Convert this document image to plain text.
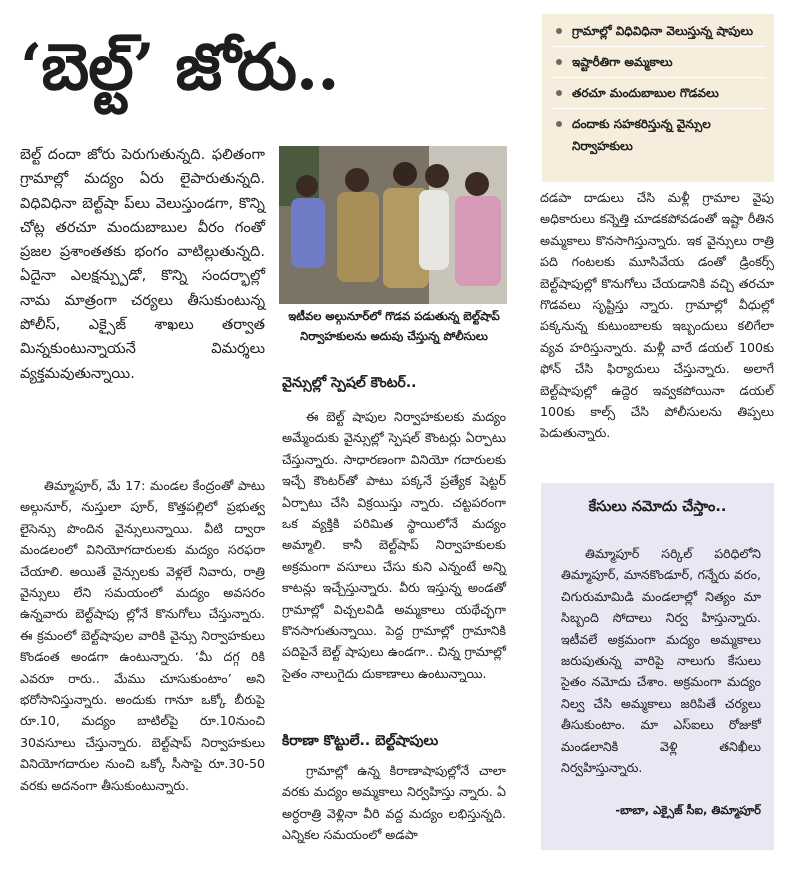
‘బెల్ట్’ జోరు..	గ్రామాల్లో విధివిధినా వెలుస్తున్న షాపులు
ఇష్టారీతిగా అమ్మకాలు
తరచూ మందుబాబుల గొడవలు
దందాకు సహకరిస్తున్న వైన్సుల నిర్వాహకులు
బెల్ట్ దందా జోరు పెరుగుతున్నది. ఫలితంగా గ్రామాల్లో మద్యం ఏరు లైపారుతున్నది. విధివిధినా బెల్ట్‌షా ప్‌లు వెలుస్తుండగా, కొన్ని చోట్ల తరచూ మందుబాబుల వీరం గంతో ప్రజల ప్రశాంతతకు భంగం వాటిల్లుతున్నది. ఏదైనా ఎలక్షన్ప్పుడో, కొన్ని సందర్భాల్లో నామ మాత్రంగా చర్యలు తీసుకుంటున్న పోలీస్, ఎక్సైజ్ శాఖలు తర్వాత మిన్నకుంటున్నాయనే విమర్శలు వ్యక్తమవుతున్నాయి.
తిమ్మాపూర్, మే 17: మండల కేంద్రంతో పాటు అల్గునూర్, నుస్తులా పూర్, కొత్తపల్లిలో ప్రభుత్వ లైసెన్సు పొందిన వైన్సులున్నాయి. వీటి ద్వారా మండలంలో వినియోగదారులకు మద్యం సరఫరా చేయాలి. అయితే వైన్సులకు వెళ్లలే నివారు, రాత్రి వైన్సులు లేని సమయంలో మద్యం అవసరం ఉన్నవారు బెల్ట్‌షాపు ల్లోనే కొనుగోలు చేస్తున్నారు. ఈ క్రమంలో బెల్ట్‌షాపుల వారికి వైన్సు నిర్వాహకులు కొండంత అండగా ఉంటున్నారు. ‘మీ దగ్గ రికి ఎవరూ రారు.. మేము చూసుకుంటాం’ అని భరోసానిస్తున్నారు. అందుకు గానూ ఒక్కో బీరుపై రూ.10, మద్యం బాటిల్‌పై రూ.10నుంచి 30వసూలు చేస్తున్నారు. బెల్ట్‌షాప్ నిర్వాహకులు వినియోగదారుల నుంచి ఒక్కో సీసాపై రూ.30-50 వరకు అదనంగా తీసుకుంటున్నారు.
ఇటీవల అల్గునూర్‌లో గొడవ పడుతున్న బెల్ట్‌షాప్ నిర్వాహకులను అదుపు చేస్తున్న పోలీసులు
వైన్సుల్లో స్పెషల్ కౌంటర్..

ఈ బెల్ట్ షాపుల నిర్వాహకులకు మద్యం అమ్మేందుకు వైన్సుల్లో స్పెషల్ కౌంటర్లు ఏర్పాటు చేస్తున్నారు. సాధారణంగా వినియో గదారులకు ఇచ్చే కౌంటర్‌తో పాటు పక్కనే ప్రత్యేక షెట్టర్ ఏర్పాటు చేసి విక్రయిస్తు న్నారు. చట్టపరంగా ఒక వ్యక్తికి పరిమిత స్థాయిలోనే మద్యం అమ్మాలి. కానీ బెల్ట్‌షాప్ నిర్వాహకులకు అక్రమంగా వసూలు చేసు కుని ఎన్నంటే అన్ని కాటన్లు ఇచ్చేస్తున్నారు. వీరు ఇస్తున్న అండతో గ్రామాల్లో విచ్చలవిడి అమ్మకాలు యథేచ్ఛగా కొనసాగుతున్నాయి. పెద్ద గ్రామాల్లో గ్రామానికి పదిపైనే బెల్ట్ షాపులు ఉండగా.. చిన్న గ్రామాల్లో సైతం నాలుగైదు దుకాణాలు ఉంటున్నాయి.

కిరాణా కొట్టులే.. బెల్ట్‌షాపులు

గ్రామాల్లో ఉన్న కిరాణాషాపుల్లోనే చాలా వరకు మద్యం అమ్మకాలు నిర్వహిస్తు న్నారు. ఏ అర్ధరాత్రి వెళ్లినా వీరి వద్ద మద్యం లభిస్తున్నది. ఎన్నికల సమయంలో అడపా

దడపా దాడులు చేసి మళ్లీ గ్రామాల వైపు అధికారులు కన్నెత్తి చూడకపోవడంతో ఇష్టా రీతిన అమ్మకాలు కొనసాగిస్తున్నారు. ఇక వైన్సులు రాత్రి పది గంటలకు మూసివేయ డంతో డ్రింకర్స్ బెల్ట్‌షాపుల్లో కొనుగోలు చేయడానికి వచ్చి తరచూ గొడవలు సృష్టిస్తు న్నారు. గ్రామాల్లో వీధుల్లో పక్కనున్న కుటుంబాలకు ఇబ్బందులు కలిగేలా వ్యవ హరిస్తున్నారు. మళ్లీ వారే డయల్ 100కు ఫోన్ చేసి ఫిర్యాదులు చేస్తున్నారు. అలాగే బెల్ట్‌షాపుల్లో ఉద్దెర ఇవ్వకపోయినా డయల్ 100కు కాల్స్ చేసి పోలీసులను తిప్పలు పెడుతున్నారు.
కేసులు నమోదు చేస్తాం..
తిమ్మాపూర్ సర్కిల్ పరిధిలోని తిమ్మాపూర్, మానకొండూర్, గన్నేరు వరం, చిగురుమామిడి మండలాల్లో నిత్యం మా సిబ్బంది సోదాలు నిర్వ హిస్తున్నారు. ఇటీవలే అక్రమంగా మద్యం అమ్మకాలు జరుపుతున్న వారిపై నాలుగు కేసులు సైతం నమోదు చేశాం. అక్రమంగా మద్యం నిల్వ చేసి అమ్మకాలు జరిపితే చర్యలు తీసుకుంటాం. మా ఎస్ఐలు రోజుకో మండలానికి వెళ్లి తనిఖీలు నిర్వహిస్తున్నారు.
-బాబా, ఎక్సైజ్ సీఐ, తిమ్మాపూర్
